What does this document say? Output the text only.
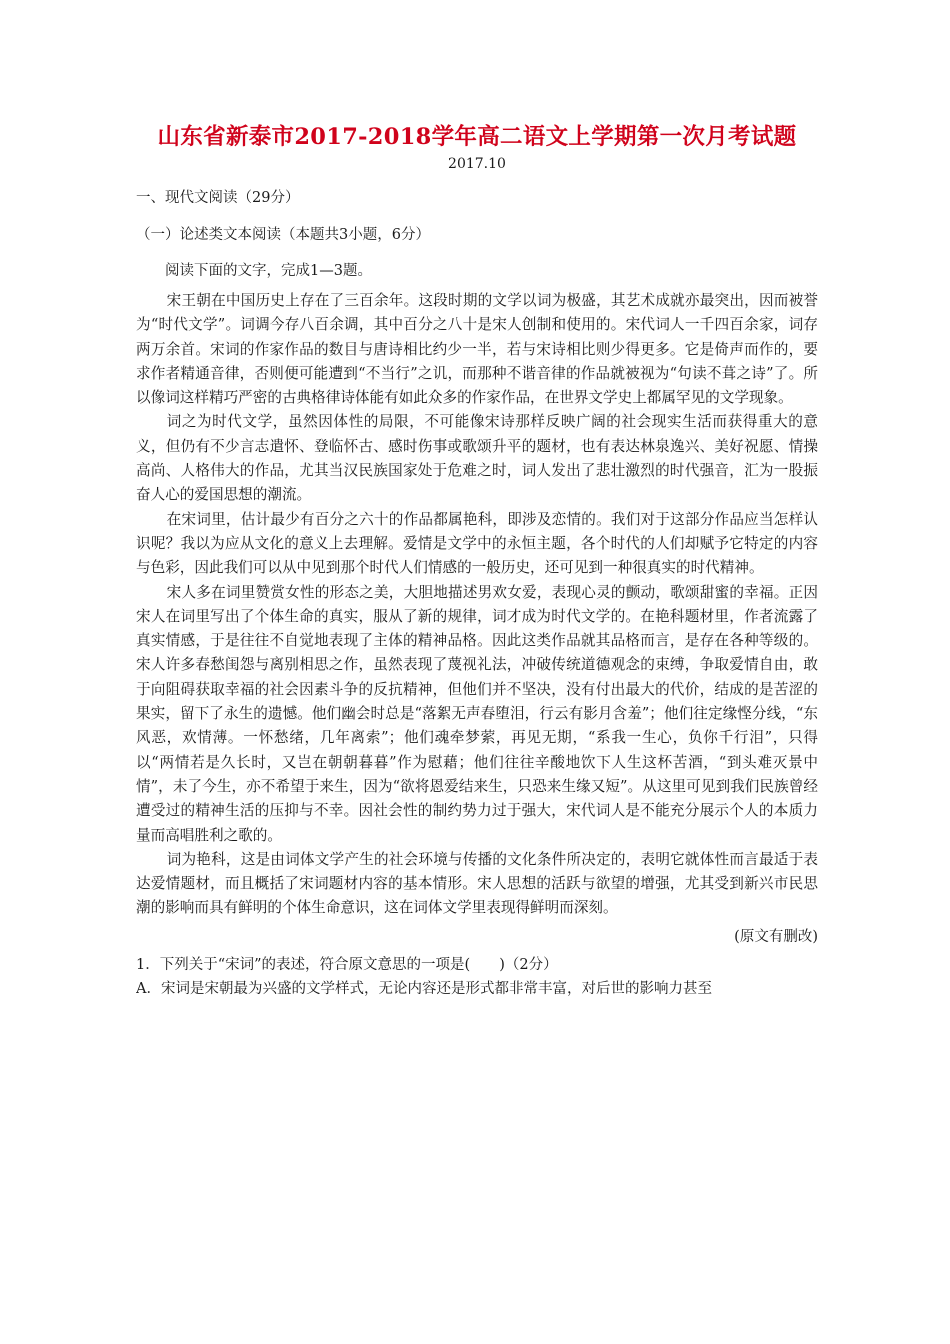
山东省新泰市2017-2018学年高二语文上学期第一次月考试题
2017.10
一、现代文阅读（29分）
（一）论述类文本阅读（本题共3小题，6分）
阅读下面的文字，完成1—3题。

宋王朝在中国历史上存在了三百余年。这段时期的文学以词为极盛，其艺术成就亦最突出，因而被誉为“时代文学”。词调今存八百余调，其中百分之八十是宋人创制和使用的。宋代词人一千四百余家，词存两万余首。宋词的作家作品的数目与唐诗相比约少一半，若与宋诗相比则少得更多。它是倚声而作的，要求作者精通音律，否则便可能遭到“不当行”之讥，而那种不谐音律的作品就被视为“句读不葺之诗”了。所以像词这样精巧严密的古典格律诗体能有如此众多的作家作品，在世界文学史上都属罕见的文学现象。

词之为时代文学，虽然因体性的局限，不可能像宋诗那样反映广阔的社会现实生活而获得重大的意义，但仍有不少言志遣怀、登临怀古、感时伤事或歌颂升平的题材，也有表达林泉逸兴、美好祝愿、情操高尚、人格伟大的作品，尤其当汉民族国家处于危难之时，词人发出了悲壮激烈的时代强音，汇为一股振奋人心的爱国思想的潮流。

在宋词里，估计最少有百分之六十的作品都属艳科，即涉及恋情的。我们对于这部分作品应当怎样认识呢？我以为应从文化的意义上去理解。爱情是文学中的永恒主题，各个时代的人们却赋予它特定的内容与色彩，因此我们可以从中见到那个时代人们情感的一般历史，还可见到一种很真实的时代精神。

宋人多在词里赞赏女性的形态之美，大胆地描述男欢女爱，表现心灵的颤动，歌颂甜蜜的幸福。正因宋人在词里写出了个体生命的真实，服从了新的规律，词才成为时代文学的。在艳科题材里，作者流露了真实情感，于是往往不自觉地表现了主体的精神品格。因此这类作品就其品格而言，是存在各种等级的。宋人许多春愁闺怨与离别相思之作，虽然表现了蔑视礼法，冲破传统道德观念的束缚，争取爱情自由，敢于向阻碍获取幸福的社会因素斗争的反抗精神，但他们并不坚决，没有付出最大的代价，结成的是苦涩的果实，留下了永生的遗憾。他们幽会时总是“落絮无声春堕泪，行云有影月含羞”；他们往定缘悭分线，“东风恶，欢情薄。一怀愁绪，几年离索”；他们魂牵梦萦，再见无期，“系我一生心，负你千行泪”，只得以“两情若是久长时，又岂在朝朝暮暮”作为慰藉；他们往往辛酸地饮下人生这杯苦酒，“到头难灭景中情”，未了今生，亦不希望于来生，因为“欲将恩爱结来生，只恐来生缘又短”。从这里可见到我们民族曾经遭受过的精神生活的压抑与不幸。因社会性的制约势力过于强大，宋代词人是不能充分展示个人的本质力量而高唱胜利之歌的。

词为艳科，这是由词体文学产生的社会环境与传播的文化条件所决定的，表明它就体性而言最适于表达爱情题材，而且概括了宋词题材内容的基本情形。宋人思想的活跃与欲望的增强，尤其受到新兴市民思潮的影响而具有鲜明的个体生命意识，这在词体文学里表现得鲜明而深刻。

(原文有删改)
1．下列关于“宋词”的表述，符合原文意思的一项是(　　)（2分）
A．宋词是宋朝最为兴盛的文学样式，无论内容还是形式都非常丰富，对后世的影响力甚至
